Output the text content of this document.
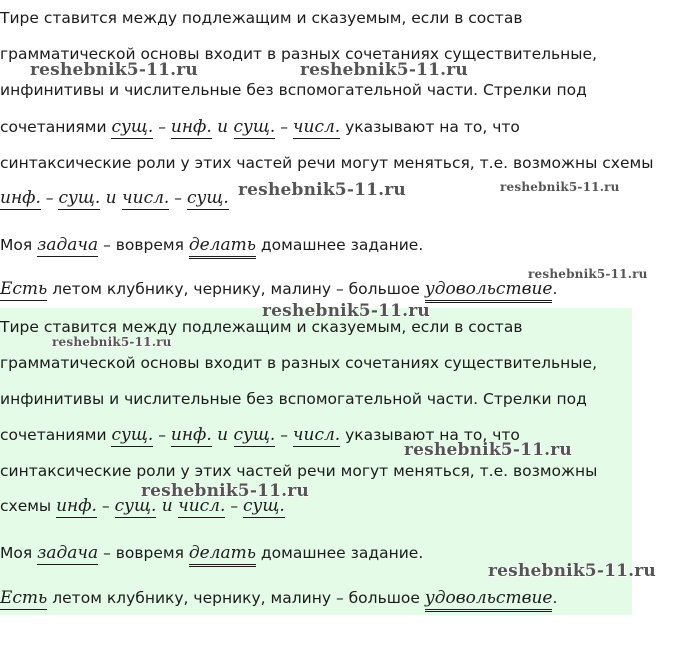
Тире ставится между подлежащим и сказуемым, если в состав
грамматической основы входит в разных сочетаниях существительные,
инфинитивы и числительные без вспомогательной части. Стрелки под
сочетаниями сущ. – инф. и сущ. – числ. указывают на то, что
синтаксические роли у этих частей речи могут меняться, т.е. возможны схемы
инф. – сущ. и числ. – сущ.
Моя задача – вовремя делать домашнее задание.
Есть летом клубнику, чернику, малину – большое удовольствие.
Тире ставится между подлежащим и сказуемым, если в состав
грамматической основы входит в разных сочетаниях существительные,
инфинитивы и числительные без вспомогательной части. Стрелки под
сочетаниями сущ. – инф. и сущ. – числ. указывают на то, что
синтаксические роли у этих частей речи могут меняться, т.е. возможны
схемы инф. – сущ. и числ. – сущ.
Моя задача – вовремя делать домашнее задание.
Есть летом клубнику, чернику, малину – большое удовольствие.
reshebnik5-11.ru	reshebnik5-11.ru
reshebnik5-11.ru	reshebnik5-11.ru
reshebnik5-11.ru
reshebnik5-11.ru
reshebnik5-11.ru
reshebnik5-11.ru
reshebnik5-11.ru
reshebnik5-11.ru
